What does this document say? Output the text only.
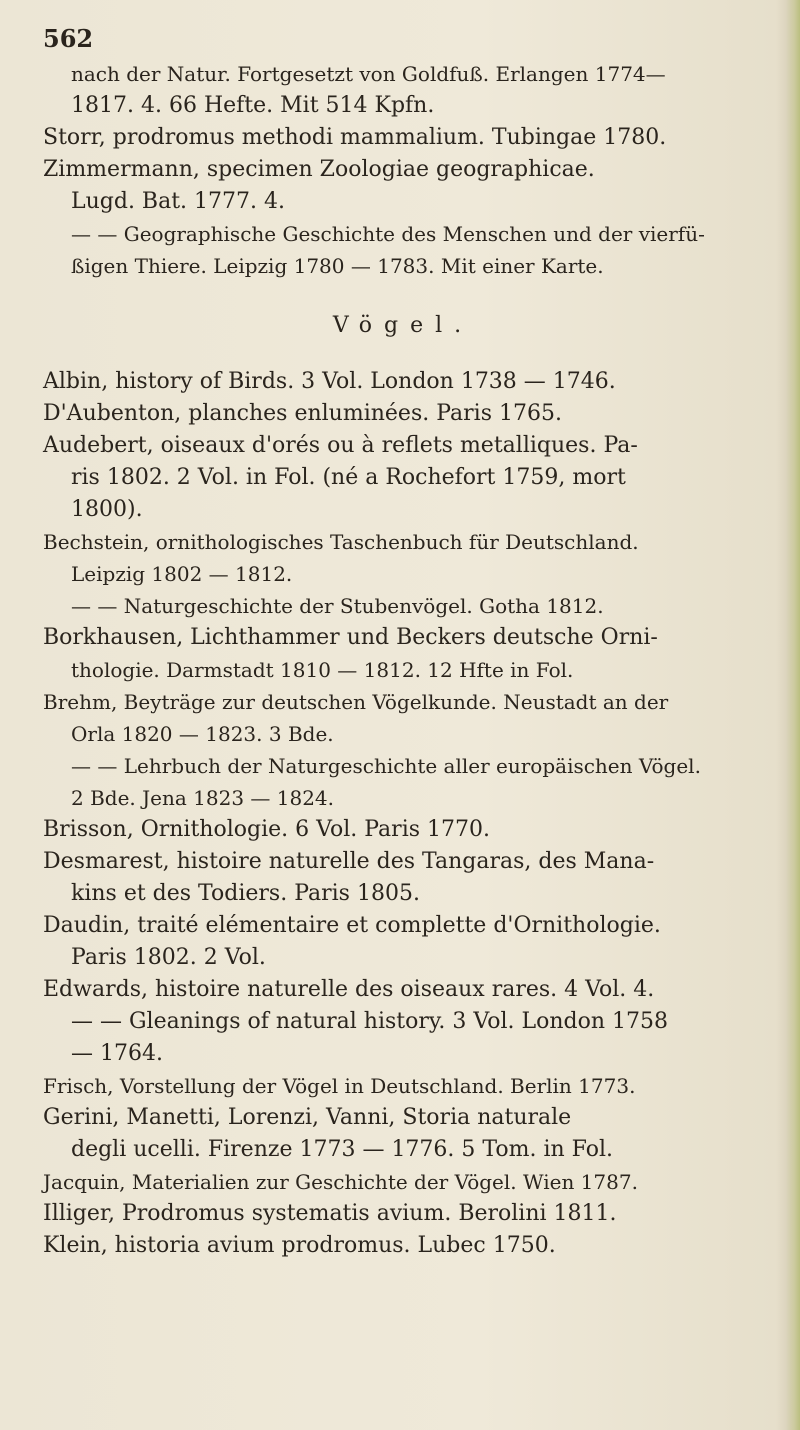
562
nach der Natur. Fortgesetzt von Goldfuß. Erlangen 1774—
1817. 4. 66 Hefte. Mit 514 Kpfn.
Storr, prodromus methodi mammalium. Tubingae 1780.
Zimmermann, specimen Zoologiae geographicae.
Lugd. Bat. 1777. 4.
— — Geographische Geschichte des Menschen und der vierfü-
ßigen Thiere. Leipzig 1780 — 1783. Mit einer Karte.
Vögel.
Albin, history of Birds. 3 Vol. London 1738 — 1746.
D'Aubenton, planches enluminées. Paris 1765.
Audebert, oiseaux d'orés ou à reflets metalliques. Pa-
ris 1802. 2 Vol. in Fol. (né a Rochefort 1759, mort
1800).
Bechstein, ornithologisches Taschenbuch für Deutschland.
Leipzig 1802 — 1812.
— — Naturgeschichte der Stubenvögel. Gotha 1812.
Borkhausen, Lichthammer und Beckers deutsche Orni-
thologie. Darmstadt 1810 — 1812. 12 Hfte in Fol.
Brehm, Beyträge zur deutschen Vögelkunde. Neustadt an der
Orla 1820 — 1823. 3 Bde.
— — Lehrbuch der Naturgeschichte aller europäischen Vögel.
2 Bde. Jena 1823 — 1824.
Brisson, Ornithologie. 6 Vol. Paris 1770.
Desmarest, histoire naturelle des Tangaras, des Mana-
kins et des Todiers. Paris 1805.
Daudin, traité elémentaire et complette d'Ornithologie.
Paris 1802. 2 Vol.
Edwards, histoire naturelle des oiseaux rares. 4 Vol. 4.
— — Gleanings of natural history. 3 Vol. London 1758
— 1764.
Frisch, Vorstellung der Vögel in Deutschland. Berlin 1773.
Gerini, Manetti, Lorenzi, Vanni, Storia naturale
degli ucelli. Firenze 1773 — 1776. 5 Tom. in Fol.
Jacquin, Materialien zur Geschichte der Vögel. Wien 1787.
Illiger, Prodromus systematis avium. Berolini 1811.
Klein, historia avium prodromus. Lubec 1750.
